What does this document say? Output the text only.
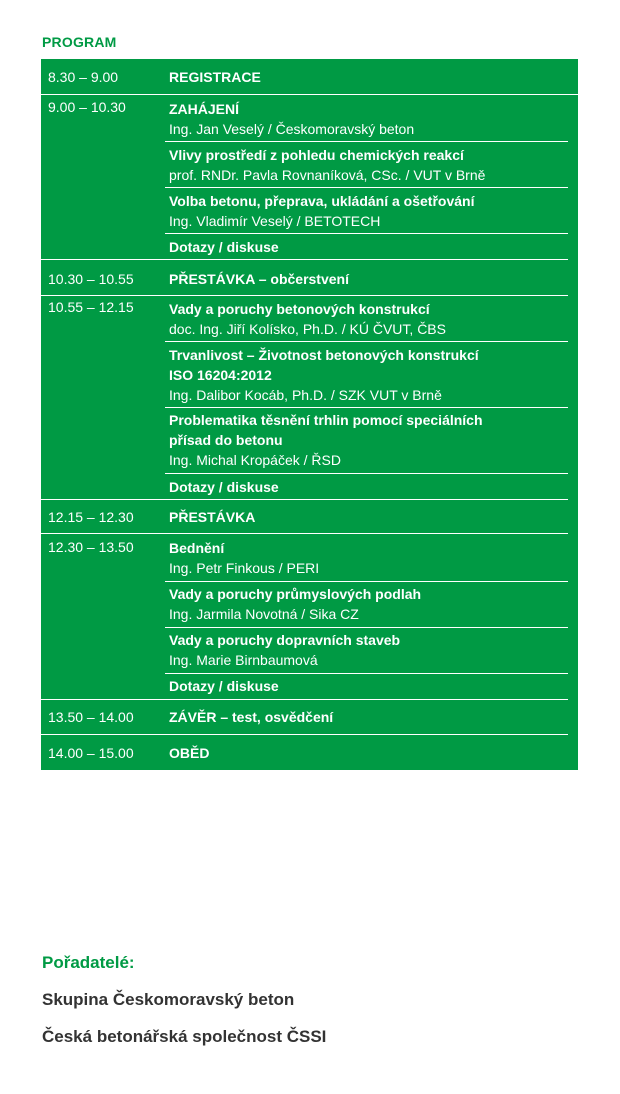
PROGRAM
8.30 – 9.00	REGISTRACE
9.00 – 10.30	ZAHÁJENÍ
Ing. Jan Veselý / Českomoravský beton
Vlivy prostředí z pohledu chemických reakcí
prof. RNDr. Pavla Rovnaníková, CSc. / VUT v Brně
Volba betonu, přeprava, ukládání a ošetřování
Ing. Vladimír Veselý / BETOTECH
Dotazy / diskuse
10.30 – 10.55	PŘESTÁVKA – občerstvení
10.55 – 12.15	Vady a poruchy betonových konstrukcí
doc. Ing. Jiří Kolísko, Ph.D. / KÚ ČVUT, ČBS
Trvanlivost – Životnost betonových konstrukcí
ISO 16204:2012
Ing. Dalibor Kocáb, Ph.D. / SZK VUT v Brně
Problematika těsnění trhlin pomocí speciálních
přísad do betonu
Ing. Michal Kropáček / ŘSD
Dotazy / diskuse
12.15 – 12.30	PŘESTÁVKA
12.30 – 13.50	Bednění
Ing. Petr Finkous / PERI
Vady a poruchy průmyslových podlah
Ing. Jarmila Novotná / Sika CZ
Vady a poruchy dopravních staveb
Ing. Marie Birnbaumová
Dotazy / diskuse
13.50 – 14.00	ZÁVĚR – test, osvědčení
14.00 – 15.00	OBĚD
Pořadatelé:
Skupina Českomoravský beton
Česká betonářská společnost ČSSI
